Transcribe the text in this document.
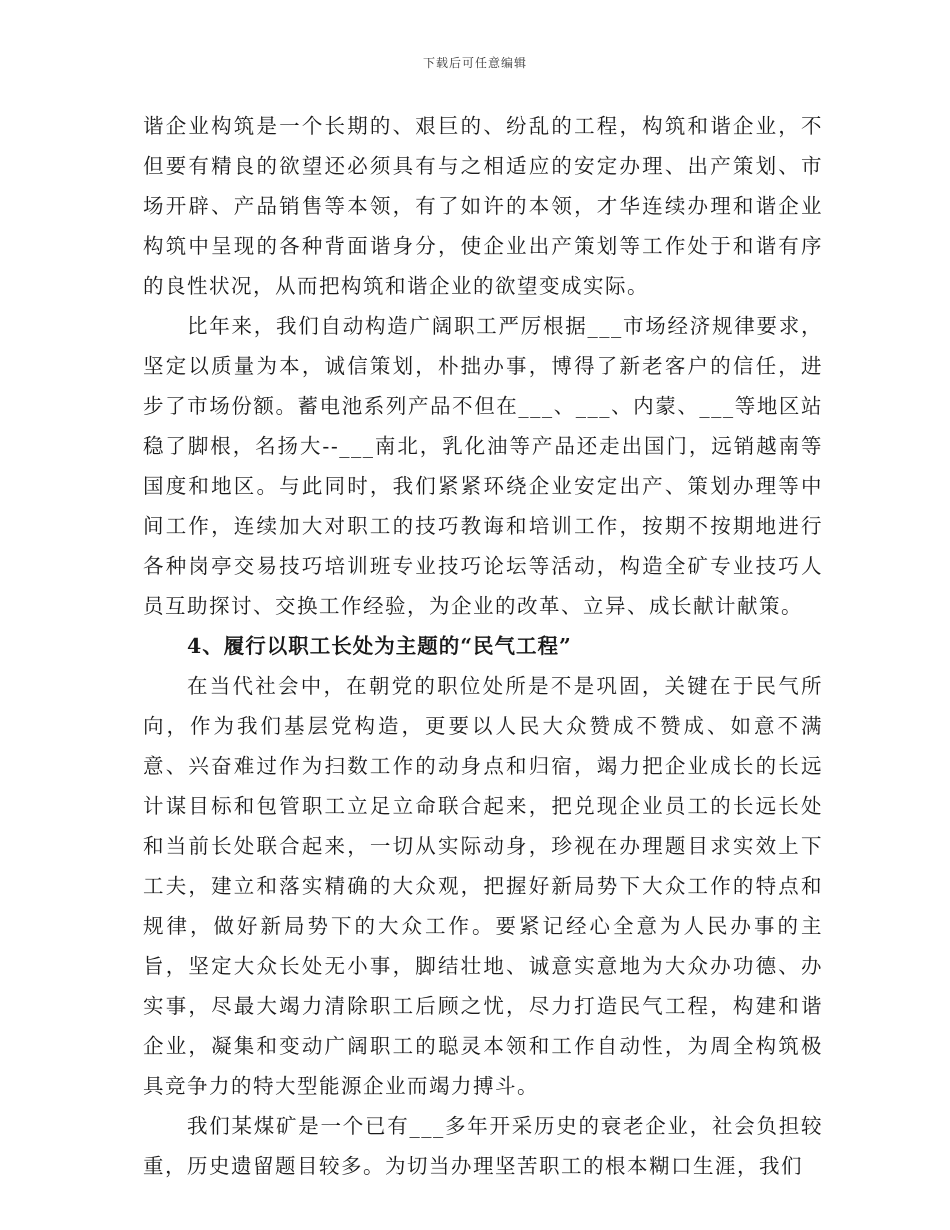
下载后可任意编辑

谐企业构筑是一个长期的、艰巨的、纷乱的工程，构筑和谐企业，不但要有精良的欲望还必须具有与之相适应的安定办理、出产策划、市场开辟、产品销售等本领，有了如许的本领，才华连续办理和谐企业构筑中呈现的各种背面谐身分，使企业出产策划等工作处于和谐有序的良性状况，从而把构筑和谐企业的欲望变成实际。

比年来，我们自动构造广阔职工严厉根据___市场经济规律要求，坚定以质量为本，诚信策划，朴拙办事，博得了新老客户的信任，进步了市场份额。蓄电池系列产品不但在___、___、内蒙、___等地区站稳了脚根，名扬大--___南北，乳化油等产品还走出国门，远销越南等国度和地区。与此同时，我们紧紧环绕企业安定出产、策划办理等中间工作，连续加大对职工的技巧教诲和培训工作，按期不按期地进行各种岗亭交易技巧培训班专业技巧论坛等活动，构造全矿专业技巧人员互助探讨、交换工作经验，为企业的改革、立异、成长献计献策。

4、履行以职工长处为主题的“民气工程”

在当代社会中，在朝党的职位处所是不是巩固，关键在于民气所向，作为我们基层党构造，更要以人民大众赞成不赞成、如意不满意、兴奋难过作为扫数工作的动身点和归宿，竭力把企业成长的长远计谋目标和包管职工立足立命联合起来，把兑现企业员工的长远长处和当前长处联合起来，一切从实际动身，珍视在办理题目求实效上下工夫，建立和落实精确的大众观，把握好新局势下大众工作的特点和规律，做好新局势下的大众工作。要紧记经心全意为人民办事的主旨，坚定大众长处无小事，脚结壮地、诚意实意地为大众办功德、办实事，尽最大竭力清除职工后顾之忧，尽力打造民气工程，构建和谐企业，凝集和变动广阔职工的聪灵本领和工作自动性，为周全构筑极具竞争力的特大型能源企业而竭力搏斗。

我们某煤矿是一个已有___多年开采历史的衰老企业，社会负担较重，历史遗留题目较多。为切当办理坚苦职工的根本糊口生涯，我们
